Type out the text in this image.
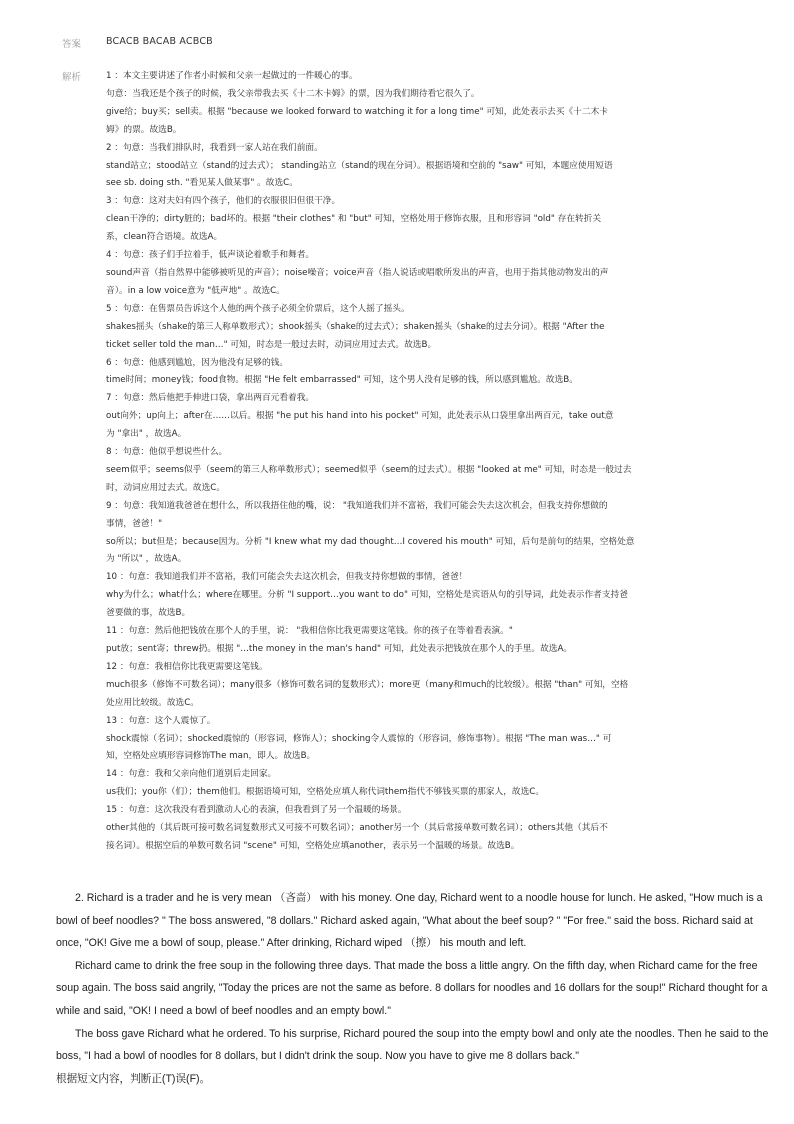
答案	BCACB BACAB ACBCB
解析	1 ：本文主要讲述了作者小时候和父亲一起做过的一件暖心的事。
句意：当我还是个孩子的时候，我父亲带我去买《十二木卡姆》的票，因为我们期待看它很久了。
give给；buy买；sell卖。根据 "because we looked forward to watching it for a long time" 可知，此处表示去买《十二木卡
姆》的票。故选B。
2 ：句意：当我们排队时，我看到一家人站在我们前面。
stand站立；stood站立（stand的过去式）； standing站立（stand的现在分词）。根据语境和空前的 "saw" 可知，本题应使用短语
see sb. doing sth. "看见某人做某事" 。故选C。
3 ：句意：这对夫妇有四个孩子，他们的衣服很旧但很干净。
clean干净的；dirty脏的；bad坏的。根据 "their clothes" 和 "but" 可知，空格处用于修饰衣服，且和形容词 "old" 存在转折关
系，clean符合语境。故选A。
4 ：句意：孩子们手拉着手，低声谈论着歌手和舞者。
sound声音（指自然界中能够被听见的声音）；noise噪音；voice声音（指人说话或唱歌所发出的声音，也用于指其他动物发出的声
音）。in a low voice意为 "低声地" 。故选C。
5 ：句意：在售票员告诉这个人他的两个孩子必须全价票后，这个人摇了摇头。
shakes摇头（shake的第三人称单数形式）；shook摇头（shake的过去式）；shaken摇头（shake的过去分词）。根据 "After the
ticket seller told the man…" 可知，时态是一般过去时，动词应用过去式。故选B。
6 ：句意：他感到尴尬，因为他没有足够的钱。
time时间；money钱；food食物。根据 "He felt embarrassed" 可知，这个男人没有足够的钱，所以感到尴尬。故选B。
7 ：句意：然后他把手伸进口袋，拿出两百元看着我。
out向外；up向上；after在……以后。根据 "he put his hand into his pocket" 可知，此处表示从口袋里拿出两百元，take out意
为 "拿出" ，故选A。
8 ：句意：他似乎想说些什么。
seem似乎；seems似乎（seem的第三人称单数形式）；seemed似乎（seem的过去式）。根据 "looked at me" 可知，时态是一般过去
时，动词应用过去式。故选C。
9 ：句意：我知道我爸爸在想什么，所以我捂住他的嘴，说： "我知道我们并不富裕，我们可能会失去这次机会，但我支持你想做的
事情，爸爸！"
so所以；but但是；because因为。分析 "I knew what my dad thought…I covered his mouth" 可知，后句是前句的结果，空格处意
为 "所以" ，故选A。
10 ：句意：我知道我们并不富裕，我们可能会失去这次机会，但我支持你想做的事情，爸爸！
why为什么；what什么；where在哪里。分析 "I support…you want to do" 可知，空格处是宾语从句的引导词，此处表示作者支持爸
爸要做的事，故选B。
11 ：句意：然后他把钱放在那个人的手里，说： "我相信你比我更需要这笔钱。你的孩子在等着看表演。"
put放；sent寄；threw扔。根据 "…the money in the man's hand" 可知，此处表示把钱放在那个人的手里。故选A。
12 ：句意：我相信你比我更需要这笔钱。
much很多（修饰不可数名词）；many很多（修饰可数名词的复数形式）；more更（many和much的比较级）。根据 "than" 可知，空格
处应用比较级。故选C。
13 ：句意：这个人震惊了。
shock震惊（名词）；shocked震惊的（形容词，修饰人）；shocking令人震惊的（形容词，修饰事物）。根据 "The man was…" 可
知，空格处应填形容词修饰The man，即人。故选B。
14 ：句意：我和父亲向他们道别后走回家。
us我们；you你（们）；them他们。根据语境可知，空格处应填人称代词them指代不够钱买票的那家人，故选C。
15 ：句意：这次我没有看到激动人心的表演，但我看到了另一个温暖的场景。
other其他的（其后既可接可数名词复数形式又可接不可数名词）；another另一个（其后常接单数可数名词）；others其他（其后不
接名词）。根据空后的单数可数名词 "scene" 可知，空格处应填another，表示另一个温暖的场景。故选B。

2. Richard is a trader and he is very mean （吝啬） with his money. One day, Richard went to a noodle house for lunch. He asked, "How much is a bowl of beef noodles? " The boss answered, "8 dollars." Richard asked again, "What about the beef soup? " "For free." said the boss. Richard said at once, "OK! Give me a bowl of soup, please." After drinking, Richard wiped （擦） his mouth and left.

Richard came to drink the free soup in the following three days. That made the boss a little angry. On the fifth day, when Richard came for the free soup again. The boss said angrily, "Today the prices are not the same as before. 8 dollars for noodles and 16 dollars for the soup!" Richard thought for a while and said, "OK! I need a bowl of beef noodles and an empty bowl."

The boss gave Richard what he ordered. To his surprise, Richard poured the soup into the empty bowl and only ate the noodles. Then he said to the boss, "I had a bowl of noodles for 8 dollars, but I didn't drink the soup. Now you have to give me 8 dollars back."

根据短文内容，判断正(T)误(F)。
